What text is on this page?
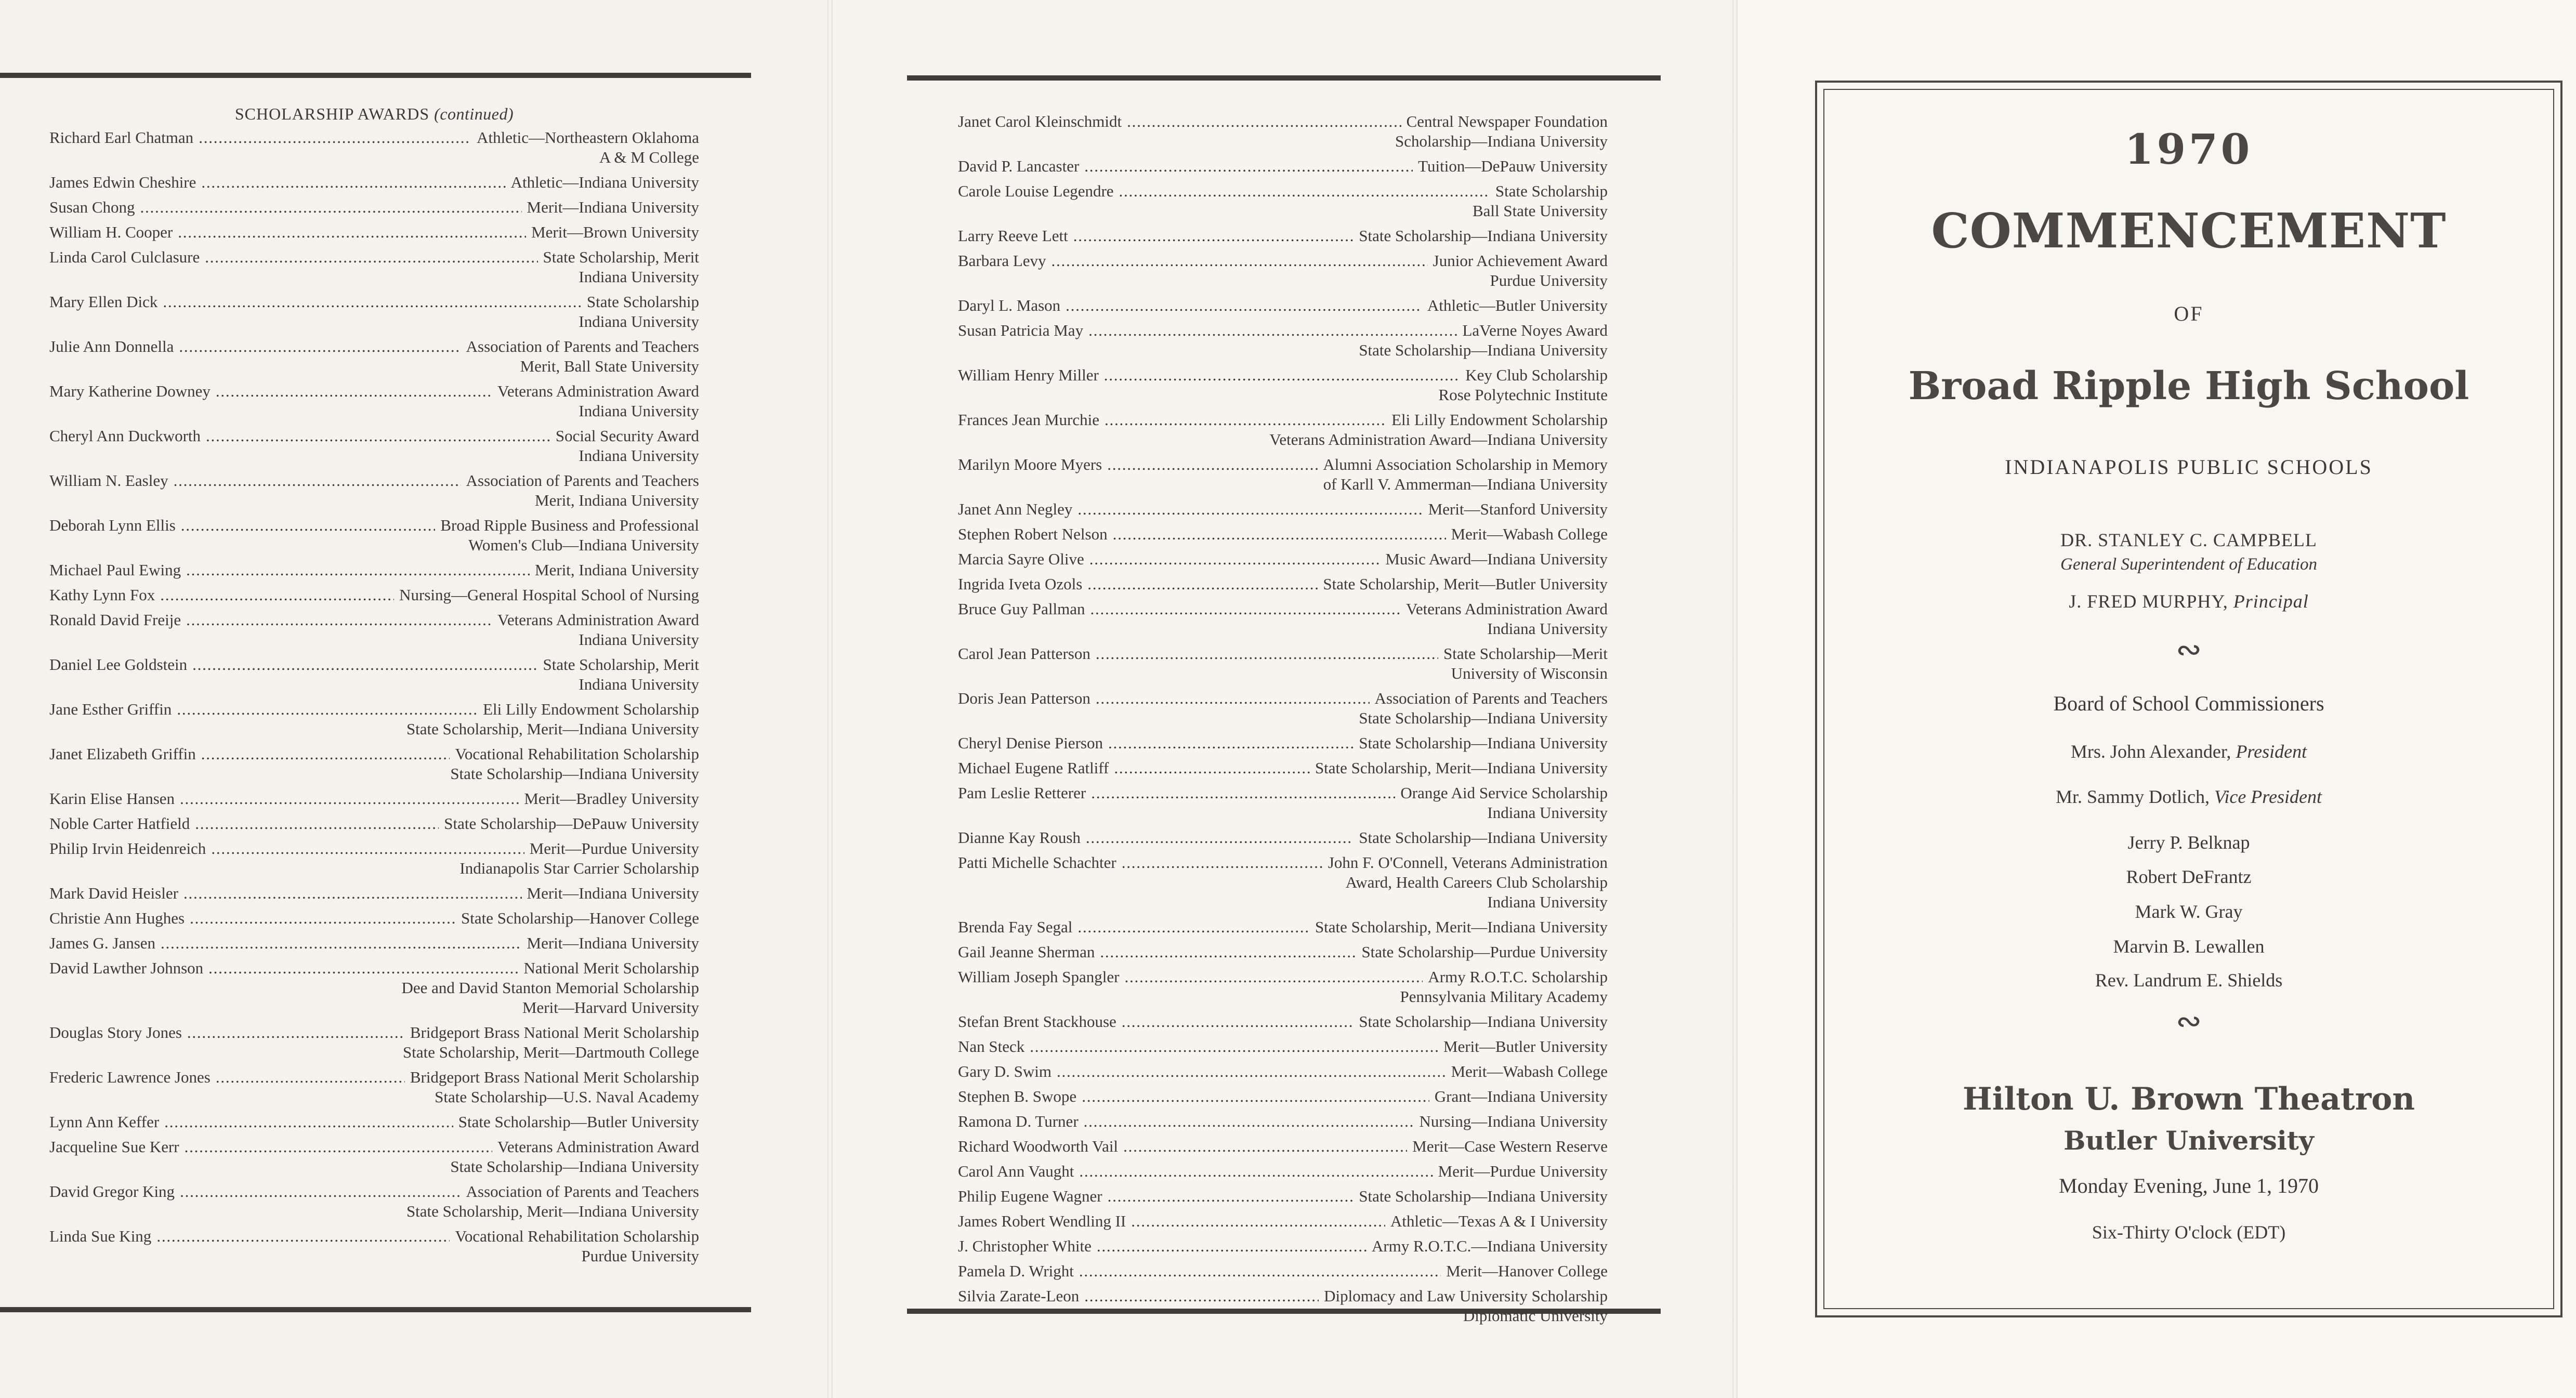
SCHOLARSHIP AWARDS (continued)
Richard Earl Chatman . . .	Athletic—Northeastern Oklahoma
A & M College
James Edwin Cheshire . . .	Athletic—Indiana University
Susan Chong . . .	Merit—Indiana University
William H. Cooper . . .	Merit—Brown University
Linda Carol Culclasure . . .	State Scholarship, Merit
Indiana University
Mary Ellen Dick . . .	State Scholarship
Indiana University
Julie Ann Donnella . . .	Association of Parents and Teachers
Merit, Ball State University
Mary Katherine Downey . . .	Veterans Administration Award
Indiana University
Cheryl Ann Duckworth . . .	Social Security Award
Indiana University
William N. Easley . . .	Association of Parents and Teachers
Merit, Indiana University
Deborah Lynn Ellis . . .	Broad Ripple Business and Professional
Women's Club—Indiana University
Michael Paul Ewing . . .	Merit, Indiana University
Kathy Lynn Fox . . .	Nursing—General Hospital School of Nursing
Ronald David Freije . . .	Veterans Administration Award
Indiana University
Daniel Lee Goldstein . . .	State Scholarship, Merit
Indiana University
Jane Esther Griffin . . .	Eli Lilly Endowment Scholarship
State Scholarship, Merit—Indiana University
Janet Elizabeth Griffin . . .	Vocational Rehabilitation Scholarship
State Scholarship—Indiana University
Karin Elise Hansen . . .	Merit—Bradley University
Noble Carter Hatfield . . .	State Scholarship—DePauw University
Philip Irvin Heidenreich . . .	Merit—Purdue University
Indianapolis Star Carrier Scholarship
Mark David Heisler . . .	Merit—Indiana University
Christie Ann Hughes . . .	State Scholarship—Hanover College
James G. Jansen . . .	Merit—Indiana University
David Lawther Johnson . . .	National Merit Scholarship
Dee and David Stanton Memorial Scholarship
Merit—Harvard University
Douglas Story Jones . . .	Bridgeport Brass National Merit Scholarship
State Scholarship, Merit—Dartmouth College
Frederic Lawrence Jones . . .	Bridgeport Brass National Merit Scholarship
State Scholarship—U.S. Naval Academy
Lynn Ann Keffer . . .	State Scholarship—Butler University
Jacqueline Sue Kerr . . .	Veterans Administration Award
State Scholarship—Indiana University
David Gregor King . . .	Association of Parents and Teachers
State Scholarship, Merit—Indiana University
Linda Sue King . . .	Vocational Rehabilitation Scholarship
Purdue University
Janet Carol Kleinschmidt . . .	Central Newspaper Foundation
Scholarship—Indiana University
David P. Lancaster . . .	Tuition—DePauw University
Carole Louise Legendre . . .	State Scholarship
Ball State University
Larry Reeve Lett . . .	State Scholarship—Indiana University
Barbara Levy . . .	Junior Achievement Award
Purdue University
Daryl L. Mason . . .	Athletic—Butler University
Susan Patricia May . . .	LaVerne Noyes Award
State Scholarship—Indiana University
William Henry Miller . . .	Key Club Scholarship
Rose Polytechnic Institute
Frances Jean Murchie . . .	Eli Lilly Endowment Scholarship
Veterans Administration Award—Indiana University
Marilyn Moore Myers . . .	Alumni Association Scholarship in Memory
of Karll V. Ammerman—Indiana University
Janet Ann Negley . . .	Merit—Stanford University
Stephen Robert Nelson . . .	Merit—Wabash College
Marcia Sayre Olive . . .	Music Award—Indiana University
Ingrida Iveta Ozols . . .	State Scholarship, Merit—Butler University
Bruce Guy Pallman . . .	Veterans Administration Award
Indiana University
Carol Jean Patterson . . .	State Scholarship—Merit
University of Wisconsin
Doris Jean Patterson . . .	Association of Parents and Teachers
State Scholarship—Indiana University
Cheryl Denise Pierson . . .	State Scholarship—Indiana University
Michael Eugene Ratliff . . .	State Scholarship, Merit—Indiana University
Pam Leslie Retterer . . .	Orange Aid Service Scholarship
Indiana University
Dianne Kay Roush . . .	State Scholarship—Indiana University
Patti Michelle Schachter . . .	John F. O'Connell, Veterans Administration
Award, Health Careers Club Scholarship
Indiana University
Brenda Fay Segal . . .	State Scholarship, Merit—Indiana University
Gail Jeanne Sherman . . .	State Scholarship—Purdue University
William Joseph Spangler . . .	Army R.O.T.C. Scholarship
Pennsylvania Military Academy
Stefan Brent Stackhouse . . .	State Scholarship—Indiana University
Nan Steck . . .	Merit—Butler University
Gary D. Swim . . .	Merit—Wabash College
Stephen B. Swope . . .	Grant—Indiana University
Ramona D. Turner . . .	Nursing—Indiana University
Richard Woodworth Vail . . .	Merit—Case Western Reserve
Carol Ann Vaught . . .	Merit—Purdue University
Philip Eugene Wagner . . .	State Scholarship—Indiana University
James Robert Wendling II . . .	Athletic—Texas A & I University
J. Christopher White . . .	Army R.O.T.C.—Indiana University
Pamela D. Wright . . .	Merit—Hanover College
Silvia Zarate-Leon . . .	Diplomacy and Law University Scholarship
Diplomatic University
1970
COMMENCEMENT
OF
Broad Ripple High School
INDIANAPOLIS PUBLIC SCHOOLS
DR. STANLEY C. CAMPBELL
General Superintendent of Education
J. FRED MURPHY, Principal
∾
Board of School Commissioners
Mrs. John Alexander, President
Mr. Sammy Dotlich, Vice President
Jerry P. Belknap
Robert DeFrantz
Mark W. Gray
Marvin B. Lewallen
Rev. Landrum E. Shields
∾
Hilton U. Brown Theatron
Butler University
Monday Evening, June 1, 1970
Six-Thirty O'clock (EDT)
